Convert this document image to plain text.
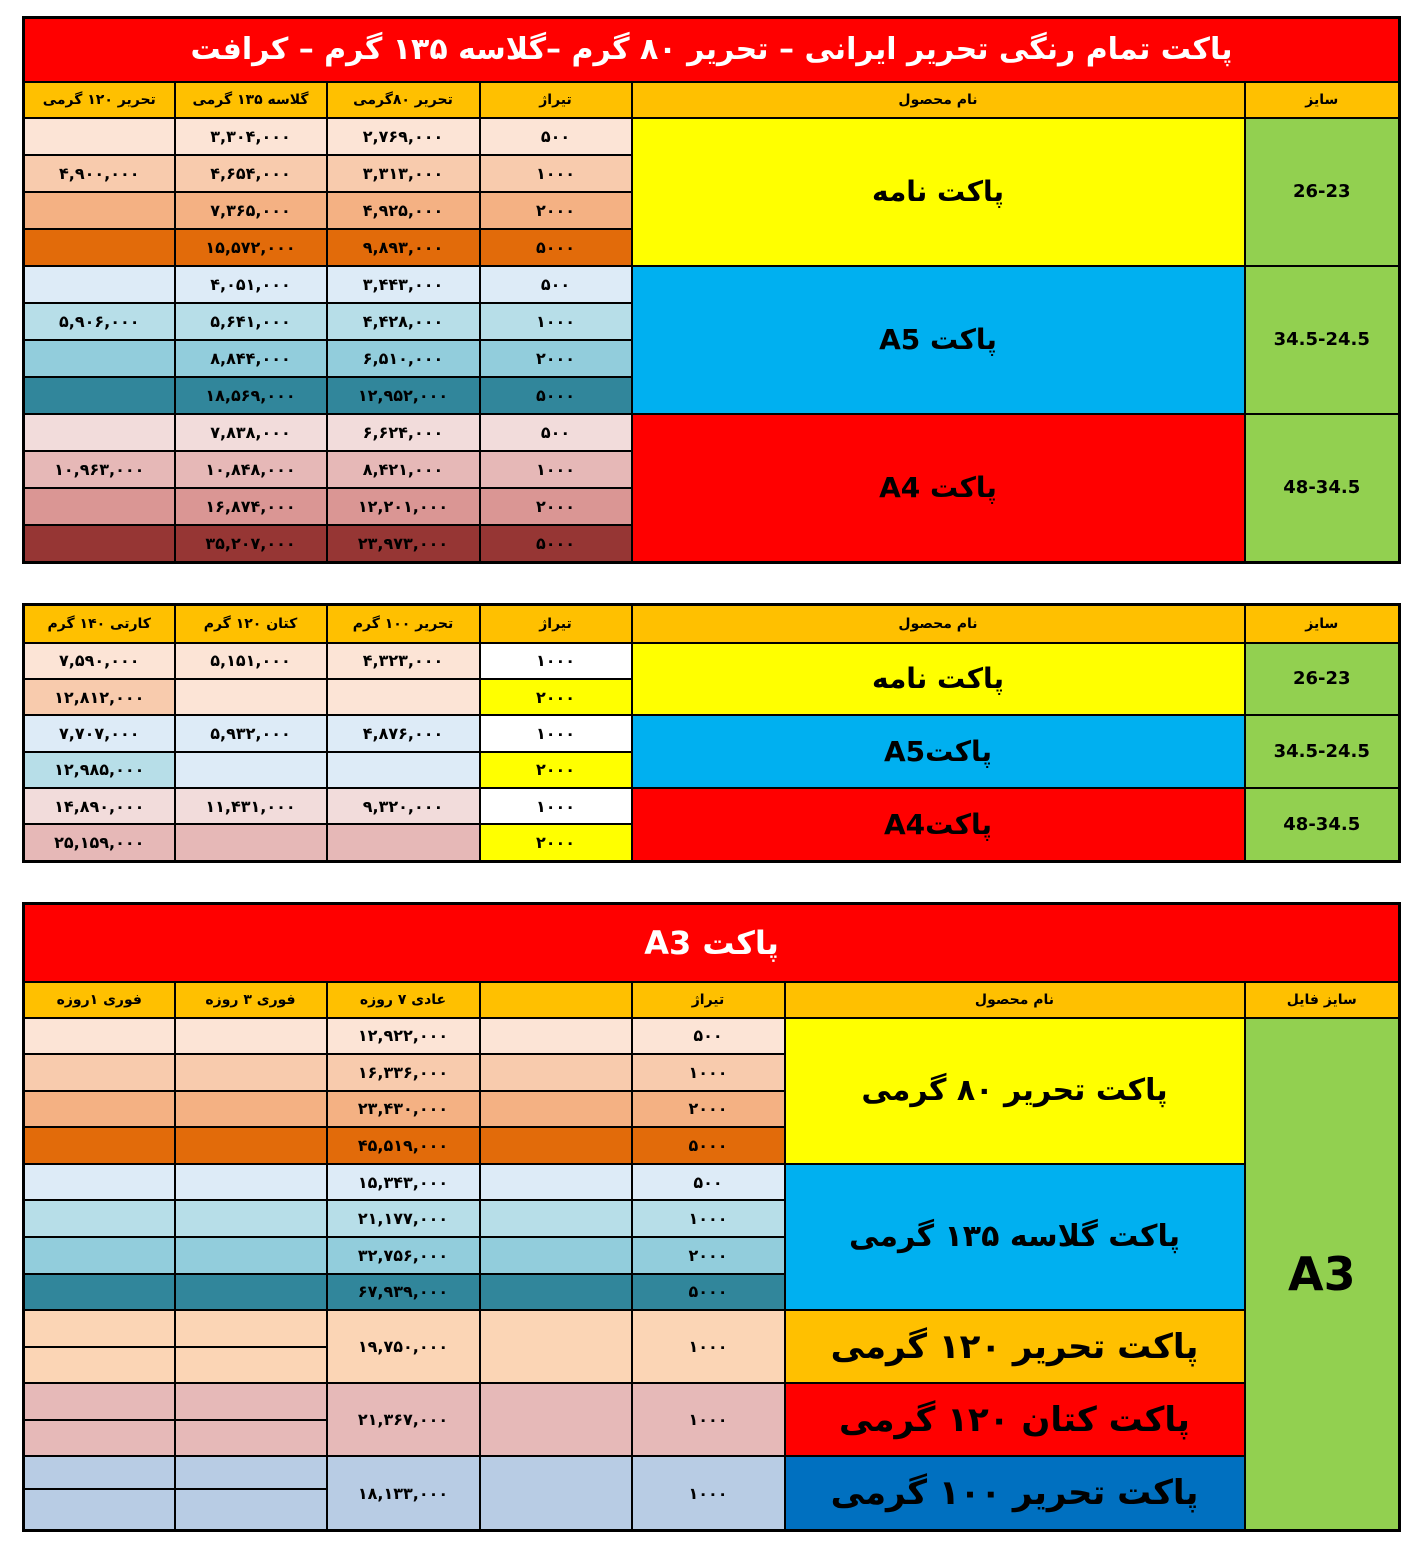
پاکت تمام رنگی تحریر ایرانی – تحریر ۸۰ گرم –گلاسه ۱۳۵ گرم – کرافت					
تحریر ۱۲۰ گرمی	گلاسه ۱۳۵ گرمی	تحریر ۸۰گرمی	تیراژ	نام محصول	سایز
	۳,۳۰۴,۰۰۰	۲,۷۶۹,۰۰۰	۵۰۰	پاکت نامه	26-23
۴,۹۰۰,۰۰۰	۴,۶۵۴,۰۰۰	۳,۳۱۳,۰۰۰	۱۰۰۰		
	۷,۳۶۵,۰۰۰	۴,۹۲۵,۰۰۰	۲۰۰۰		
	۱۵,۵۷۲,۰۰۰	۹,۸۹۳,۰۰۰	۵۰۰۰		
	۴,۰۵۱,۰۰۰	۳,۴۴۳,۰۰۰	۵۰۰	پاکت A5	34.5-24.5
۵,۹۰۶,۰۰۰	۵,۶۴۱,۰۰۰	۴,۴۲۸,۰۰۰	۱۰۰۰		
	۸,۸۴۴,۰۰۰	۶,۵۱۰,۰۰۰	۲۰۰۰		
	۱۸,۵۶۹,۰۰۰	۱۲,۹۵۲,۰۰۰	۵۰۰۰		
	۷,۸۳۸,۰۰۰	۶,۶۲۴,۰۰۰	۵۰۰	پاکت A4	48-34.5
۱۰,۹۶۳,۰۰۰	۱۰,۸۴۸,۰۰۰	۸,۴۲۱,۰۰۰	۱۰۰۰		
	۱۶,۸۷۴,۰۰۰	۱۲,۲۰۱,۰۰۰	۲۰۰۰		
	۳۵,۲۰۷,۰۰۰	۲۳,۹۷۳,۰۰۰	۵۰۰۰		
کارتی ۱۴۰ گرم	کتان ۱۲۰ گرم	تحریر ۱۰۰ گرم	تیراژ	نام محصول	سایز
۷,۵۹۰,۰۰۰	۵,۱۵۱,۰۰۰	۴,۳۲۳,۰۰۰	۱۰۰۰	پاکت نامه	26-23
۱۲,۸۱۲,۰۰۰			۲۰۰۰		
۷,۷۰۷,۰۰۰	۵,۹۳۲,۰۰۰	۴,۸۷۶,۰۰۰	۱۰۰۰	پاکتA5	34.5-24.5
۱۲,۹۸۵,۰۰۰			۲۰۰۰		
۱۴,۸۹۰,۰۰۰	۱۱,۴۳۱,۰۰۰	۹,۳۲۰,۰۰۰	۱۰۰۰	پاکتA4	48-34.5
۲۵,۱۵۹,۰۰۰			۲۰۰۰		
پاکت A3						
فوری ۱روزه	فوری ۳ روزه	عادی ۷ روزه		تیراژ	نام محصول	سایز فایل
		۱۲,۹۲۲,۰۰۰		۵۰۰	پاکت تحریر ۸۰ گرمی	A3
		۱۶,۳۳۶,۰۰۰		۱۰۰۰		
		۲۳,۴۳۰,۰۰۰		۲۰۰۰		
		۴۵,۵۱۹,۰۰۰		۵۰۰۰		
		۱۵,۳۴۳,۰۰۰		۵۰۰	پاکت گلاسه ۱۳۵ گرمی	
		۲۱,۱۷۷,۰۰۰		۱۰۰۰		
		۳۲,۷۵۶,۰۰۰		۲۰۰۰		
		۶۷,۹۳۹,۰۰۰		۵۰۰۰		
		۱۹,۷۵۰,۰۰۰		۱۰۰۰	پاکت تحریر ۱۲۰ گرمی	

		۲۱,۳۶۷,۰۰۰		۱۰۰۰	پاکت کتان ۱۲۰ گرمی	

		۱۸,۱۳۳,۰۰۰		۱۰۰۰	پاکت تحریر ۱۰۰ گرمی	
